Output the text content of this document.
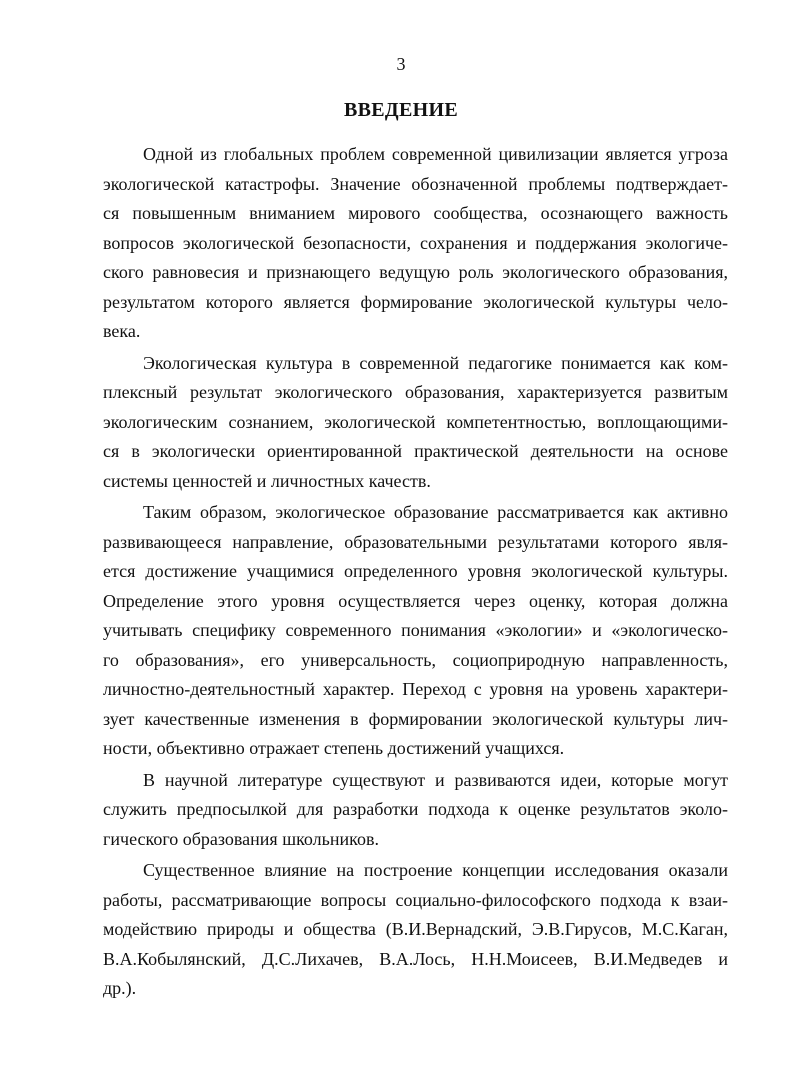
3
ВВЕДЕНИЕ
Одной из глобальных проблем современной цивилизации является угроза
экологической катастрофы. Значение обозначенной проблемы подтверждает-
ся повышенным вниманием мирового сообщества, осознающего важность
вопросов экологической безопасности, сохранения и поддержания экологиче-
ского равновесия и признающего ведущую роль экологического образования,
результатом которого является формирование экологической культуры чело-
века.
Экологическая культура в современной педагогике понимается как ком-
плексный результат экологического образования, характеризуется развитым
экологическим сознанием, экологической компетентностью, воплощающими-
ся в экологически ориентированной практической деятельности на основе
системы ценностей и личностных качеств.
Таким образом, экологическое образование рассматривается как активно
развивающееся направление, образовательными результатами которого явля-
ется достижение учащимися определенного уровня экологической культуры.
Определение этого уровня осуществляется через оценку, которая должна
учитывать специфику современного понимания «экологии» и «экологическо-
го образования», его универсальность, социоприродную направленность,
личностно-деятельностный характер. Переход с уровня на уровень характери-
зует качественные изменения в формировании экологической культуры лич-
ности, объективно отражает степень достижений учащихся.
В научной литературе существуют и развиваются идеи, которые могут
служить предпосылкой для разработки подхода к оценке результатов эколо-
гического образования школьников.
Существенное влияние на построение концепции исследования оказали
работы, рассматривающие вопросы социально-философского подхода к взаи-
модействию природы и общества (В.И.Вернадский, Э.В.Гирусов, М.С.Каган,
В.А.Кобылянский, Д.С.Лихачев, В.А.Лось, Н.Н.Моисеев, В.И.Медведев и
др.).
